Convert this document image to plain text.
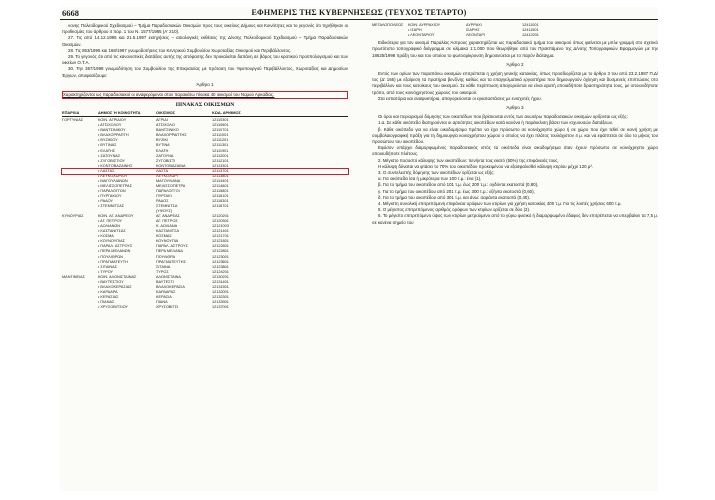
6668	ΕΦΗΜΕΡΙΣ ΤΗΣ ΚΥΒΕΡΝΗΣΕΩΣ (ΤΕΥΧΟΣ ΤΕΤΑΡΤΟ)

νονης Πολεοδομικού Σχεδιασμού – Τμήμα Παραδοσιακών Οικισμών προς τους οικείους Δήμους και Κοινότητες και το γεγονός ότι τηρήθηκαν οι προθεσμίες του άρθρου 4 παρ. 1 του Ν. 1577/1985 (Α' 210).

27. Τις από 14.12.1995 και 21.5.1997 εισηγήσεις – αιτιολογικές εκθέσεις της Δ/νσης Πολεοδομικού Σχεδιασμού – Τμήμα Παραδοσιακών Οικισμών.

28. Τις 853/1995 και 168/1997 γνωμοδοτήσεις του Κεντρικού Συμβουλίου Χωροταξίας Οικισμού και Περιβάλλοντος.

29. Το γεγονός ότι από τις κανονιστικές διατάξεις αυτής της απόφασης δεν προκαλείται δαπάνη σε βάρος του κρατικού προϋπολογισμού και των οικείων Ο.Τ.Α.

30. Την 367/1998 γνωμοδότηση του Συμβουλίου της Επικρατείας με πρόταση του Υφυπουργού Περιβάλλοντος, Χωροταξίας και Δημοσίων Έργων, αποφασίζουμε:

Άρθρο 1

Χαρακτηρίζονται ως παραδοσιακοί οι αναφερόμενοι στον παρακάτω πίνακα 40 οικισμοί του Νομού Αρκαδίας.

ΠΙΝΑΚΑΣ ΟΙΚΙΣΜΩΝ
ΕΠΑΡΧΙΑ	ΔΗΜΟΣ Ή ΚΟΙΝΟΤΗΤΑ	ΟΙΚΙΣΜΟΣ	ΚΩΔ. ΑΡΙΘΜΟΣ
ΓΟΡΤΥΝΙΑΣ	ΚΟΙΝ. ΑΓΡΙΔΙΟΥ	ΑΓΡΙΔΙ	12110301
• ΑΤΣΙΧΟΛΟΥ	ΑΤΣΙΧΟΛΟ	12110601
• ΒΑΝΤΣΙΝΙΚΟΥ	ΒΑΝΤΣΙΝΙΚΟ	12110701
• ΒΛΑΧΟΡΡΑΠΤΗ	ΒΛΑΧΟΡΡΑΠΤΗΣ	12111001
• ΒΥΖΙΚΙΟΥ	ΒΥΖΙΚΙ	12111201
• ΒΥΤΙΝΑΣ	ΒΥΤΙΝΑ	12111301
• ΕΛΑΤΗΣ	ΕΛΑΤΗ	12111901
• ΖΑΤΟΥΝΑΣ	ΖΑΤΟΥΝΑ	12112001
• ΖΥΓΟΒΙΣΤΙΟΥ	ΖΥΓΟΒΙΣΤΙ	12112101
• ΚΟΝΤΟΒΑΖΑΙΝΗΣ	ΚΟΝΤΟΒΑΖΑΙΝΑ	12113301
• ΛΑΣΤΑΣ	ΛΑΣΤΑ	12113701
• ΛΕΥΚΟΧΩΡΙΟΥ	ΛΕΥΚΟΧΩΡΙ	12113801
• ΜΑΓΟΥΛΙΑΝΩΝ	ΜΑΓΟΥΛΙΑΝΑ	12114401
• ΜΕΛΙΣΣΟΠΕΤΡΑΣ	ΜΕΛΙΣΣΟΠΕΤΡΑ	12114601
• ΠΑΡΑΛΟΓΓΩΝ	ΠΑΡΑΛΟΓΓΟΙ	12115801
• ΠΥΡΓΑΚΙΟΥ	ΠΥΡΓΑΚΙ	12116101
• ΡΑΔΟΥ	ΡΑΔΟΣ	12116301
• ΣΤΕΜΝΙΤΣΑΣ	ΣΤΕΜΝΙΤΣΑ	12116701
(ΥΨΟΥΣ)
ΚΥΝΟΥΡΙΑΣ	ΚΟΙΝ. ΑΓ. ΑΝΔΡΕΟΥ	ΑΓ. ΑΝΔΡΕΑΣ	12120201
• ΑΓ. ΠΕΤΡΟΥ	ΑΓ. ΠΕΤΡΟΣ	12120301
• ΔΟΛΙΑΝΩΝ	Κ. ΔΟΛΙΑΝΑ	12121003
• ΚΑΣΤΑΝΙΤΣΑΣ	ΚΑΣΤΑΝΙΤΣΑ	12121401
• ΚΟΣΜΑ	ΚΟΣΜΑΣ	12121701
• ΚΟΥΝΟΥΠΙΑΣ	ΚΟΥΝΟΥΠΙΑ	12121801
• ΠΑΡΑΛ. ΑΣΤΡΟΥΣ	ΠΑΡΑΛ. ΑΣΤΡΟΥΣ	12122601
• ΠΕΡΑ ΜΕΛΑΝΩΝ	ΠΕΡΑ ΜΕΛΑΝΑ	12122801
• ΠΟΥΛΙΘΡΩΝ	ΠΟΥΛΙΘΡΑ	12123001
• ΠΡΑΓΜΑΤΕΥΤΗ	ΠΡΑΓΜΑΤΕΥΤΗΣ	12123601
• ΣΙΤΑΙΝΑΣ	ΣΙΤΑΙΝΑ	12123801
• ΤΥΡΟΥ	ΤΥΡΟΣ	12124201
ΜΑΝΤΙΝΕΙΑΣ	ΚΟΙΝ. ΑΛΩΝΙΣΤΑΙΝΑΣ	ΑΛΩΝΙΣΤΑΙΝΑ	12130201
• ΒΑΥΤΕΣΤΙΟΥ	ΒΑΥΤΕΣΤΙ	12131401
• ΒΛΑΧΟΚΕΡΑΣΙΑΣ	ΒΛΑΧΟΚΕΡΑΣΙΑ	12131501
• ΚΑΡΔΑΡΑ	ΚΑΡΔΑΡΑΣ	12132001
• ΚΕΡΑΣΙΑΣ	ΚΕΡΑΣΙΑ	12132301
• ΠΙΑΝΑΣ	ΠΙΑΝΑ	12133901
• ΧΡΥΣΟΒΙΤΣΙΟΥ	ΧΡΥΣΟΒΙΤΣΙ	12137001
ΜΕΓΑΛΟΠΟΛΕΩΣ	ΚΟΙΝ. ΔΥΡΡΑΧΙΟΥ	ΔΥΡΡΑΧΙ	12411001
• ΙΣΑΡΗ	ΙΣΑΡΗΣ	12411501
• ΛΕΟΝΤΑΡΙΟΥ	ΛΕΟΝΤΑΡΙ	12412201

Ειδικότερα για τον οικισμό Παραλίας Άστρους χαρακτηρίζεται ως παραδοσιακό τμήμα του οικισμού όπως φαίνεται με μπλε γραμμή στο σχετικό πρωτότυπο τοπογραφικό διάγραμμα σε κλίμακα 1:1.000 που θεωρήθηκε από τον Προϊστάμενο της Δ/νσης Τοπογραφικών Εφαρμογών με την 18625/1998 πράξη του και του οποίου το φωτοσμίκρυνση δημοσιεύεται με το παρόν διάταγμα.

Άρθρο 2

Εντός των ορίων των παραπάνω οικισμών επιτρέπεται η χρήση γενικής κατοικίας, όπως προσδιορίζεται με το άρθρο 3 του από 23.2.1987 Π.Δ/τος (Δ' 166) με εξαίρεση τα πρατήρια βενζίνης καθώς και τα επαγγελματικά εργαστήρια που δημιουργούν όχληση και δυσμενείς επιπτώσεις στο περιβάλλον και τους κατοίκους του οικισμού. Σε κάθε περίπτωση απαγορεύεται να είναι αρατή οποιαδήποτε δραστηριότητα τους, με οποιονδήποτε τρόπο, από τους κοινόχρηστους χώρους του οικισμού.

Στα εστιατόρια και αναψυκτήρια, απαγορεύονται οι εγκαταστάσεις με ενισχυτές ήχου.

Άρθρο 3

Οι όροι και περιορισμοί δόμησης των οικοπέδων που βρίσκονται εντός των ανωτέρω παραδοσιακών οικισμών ορίζονται ως εξής:

1.α. Σε κάθε οικόπεδο διατηρούνται οι αρτιότητες οικοπέδων κατά κανόνα ή παρέκκλιση βάσει των ισχυουσών διατάξεων.

β. Κάθε οικόπεδο για να είναι οικοδομήσιμο πρέπει να έχει πρόσωπο σε κοινόχρηστο χώρο ή σε χώρο που έχει τεθεί σε κοινή χρήση με συμβολαιογραφική πράξη για τη δημιουργία κοινοχρήστου χώρου ο οποίος να έχει πλάτος τουλάχιστον 4 μ. και να εφάπτεται σε όλο το μήκος του προσώπου του οικοπέδου.

Εφόσον υπάρχει διαμορφωμένος παραδοσιακός ιστός τα οικόπεδα είναι οικοδομήσιμα όταν έχουν πρόσωπο σε κοινόχρηστο χώρο οποιουδήποτε πλάτους.

2. Μέγιστο ποσοστό κάλυψης των οικοπέδων: πενήντα τοις εκατό (50%) της επιφάνειάς τους.

Η κάλυψη δύναται να φτάσει το 70% του οικοπέδου προκειμένου να εξασφαλισθεί κάλυψη κτιρίου μέχρι 120 μ².

3. Ο συντελεστής δόμησης των οικοπέδων ορίζεται ως εξής:

α. Για οικόπεδα ίσα ή μικρότερα των 100 τ.μ.: ένα (1),

β. Για το τμήμα του οικοπέδου από 101 τ.μ. έως 200 τ.μ.: ογδόντα εκατοστά (0,80),

γ. Για το τμήμα του οικοπέδου από 201 τ.μ. έως 300 τ.μ.: εξήντα εκατοστά (0,60),

δ. Για το τμήμα του οικοπέδου από 301 τ.μ. και άνω: σαράντα εκατοστά (0,40).

4. Μέγιστη συνολική επιτρεπόμενη επιφάνεια ορόφων των κτιρίων για χρήση κατοικίας 400 τ.μ. Για τις λοιπές χρήσεις 600 τ.μ.

5. Ο μέγιστος επιτρεπόμενος αριθμός ορόφων των κτιρίων ορίζεται σε δύο (2).

6. Το μέγιστο επιτρεπόμενο ύψος των κτιρίων μετρούμενο από το γύρω φυσικό ή διαμορφωμένο έδαφος δεν επιτρέπεται να υπερβαίνει τα 7,5 μ. σε κανένα σημείο του
